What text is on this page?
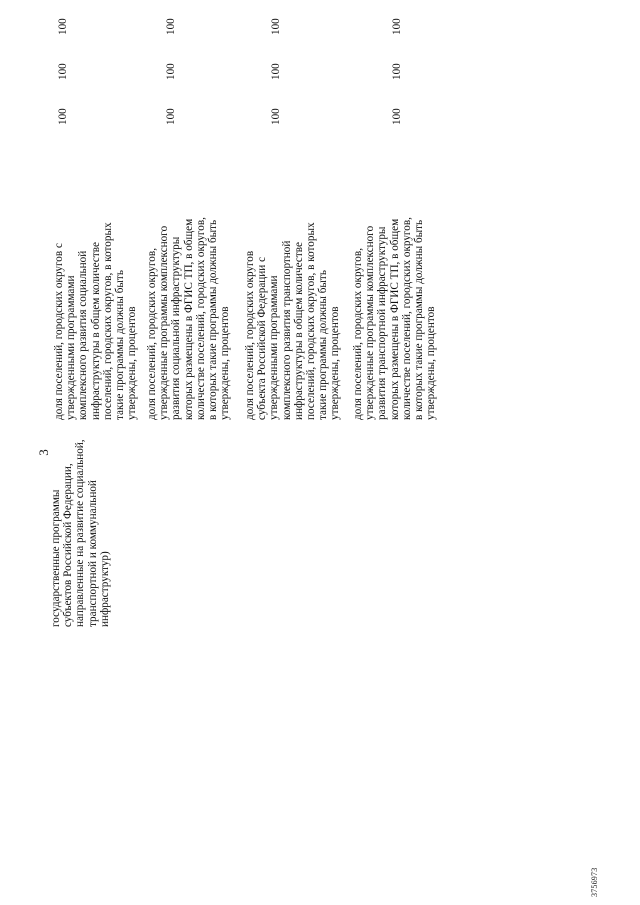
3
государственные программы субъектов Российской Федерации, направленные на развитие социальной, транспортной и коммунальной инфраструктур)
доля поселений, городских округов с утвержденными программами комплексного развития социальной инфраструктуры в общем количестве поселений, городских округов, в которых такие программы должны быть утверждены, процентов доля поселений, городских округов, утвержденные программы комплексного развития социальной инфраструктуры которых размещены в ФГИС ТП, в общем количестве поселений, городских округов, в которых такие программы должны быть утверждены, процентов доля поселений, городских округов субъекта Российской Федерации с утвержденными программами комплексного развития транспортной инфраструктуры в общем количестве поселений, городских округов, в которых такие программы должны быть утверждены, процентов доля поселений, городских округов, утвержденные программы комплексного развития транспортной инфраструктуры которых размещены в ФГИС ТП, в общем количестве поселений, городских округов, в которых такие программы должны быть утверждены, процентов
100
100
100
100
100
100
100
100
100
100
100
100
3756973
